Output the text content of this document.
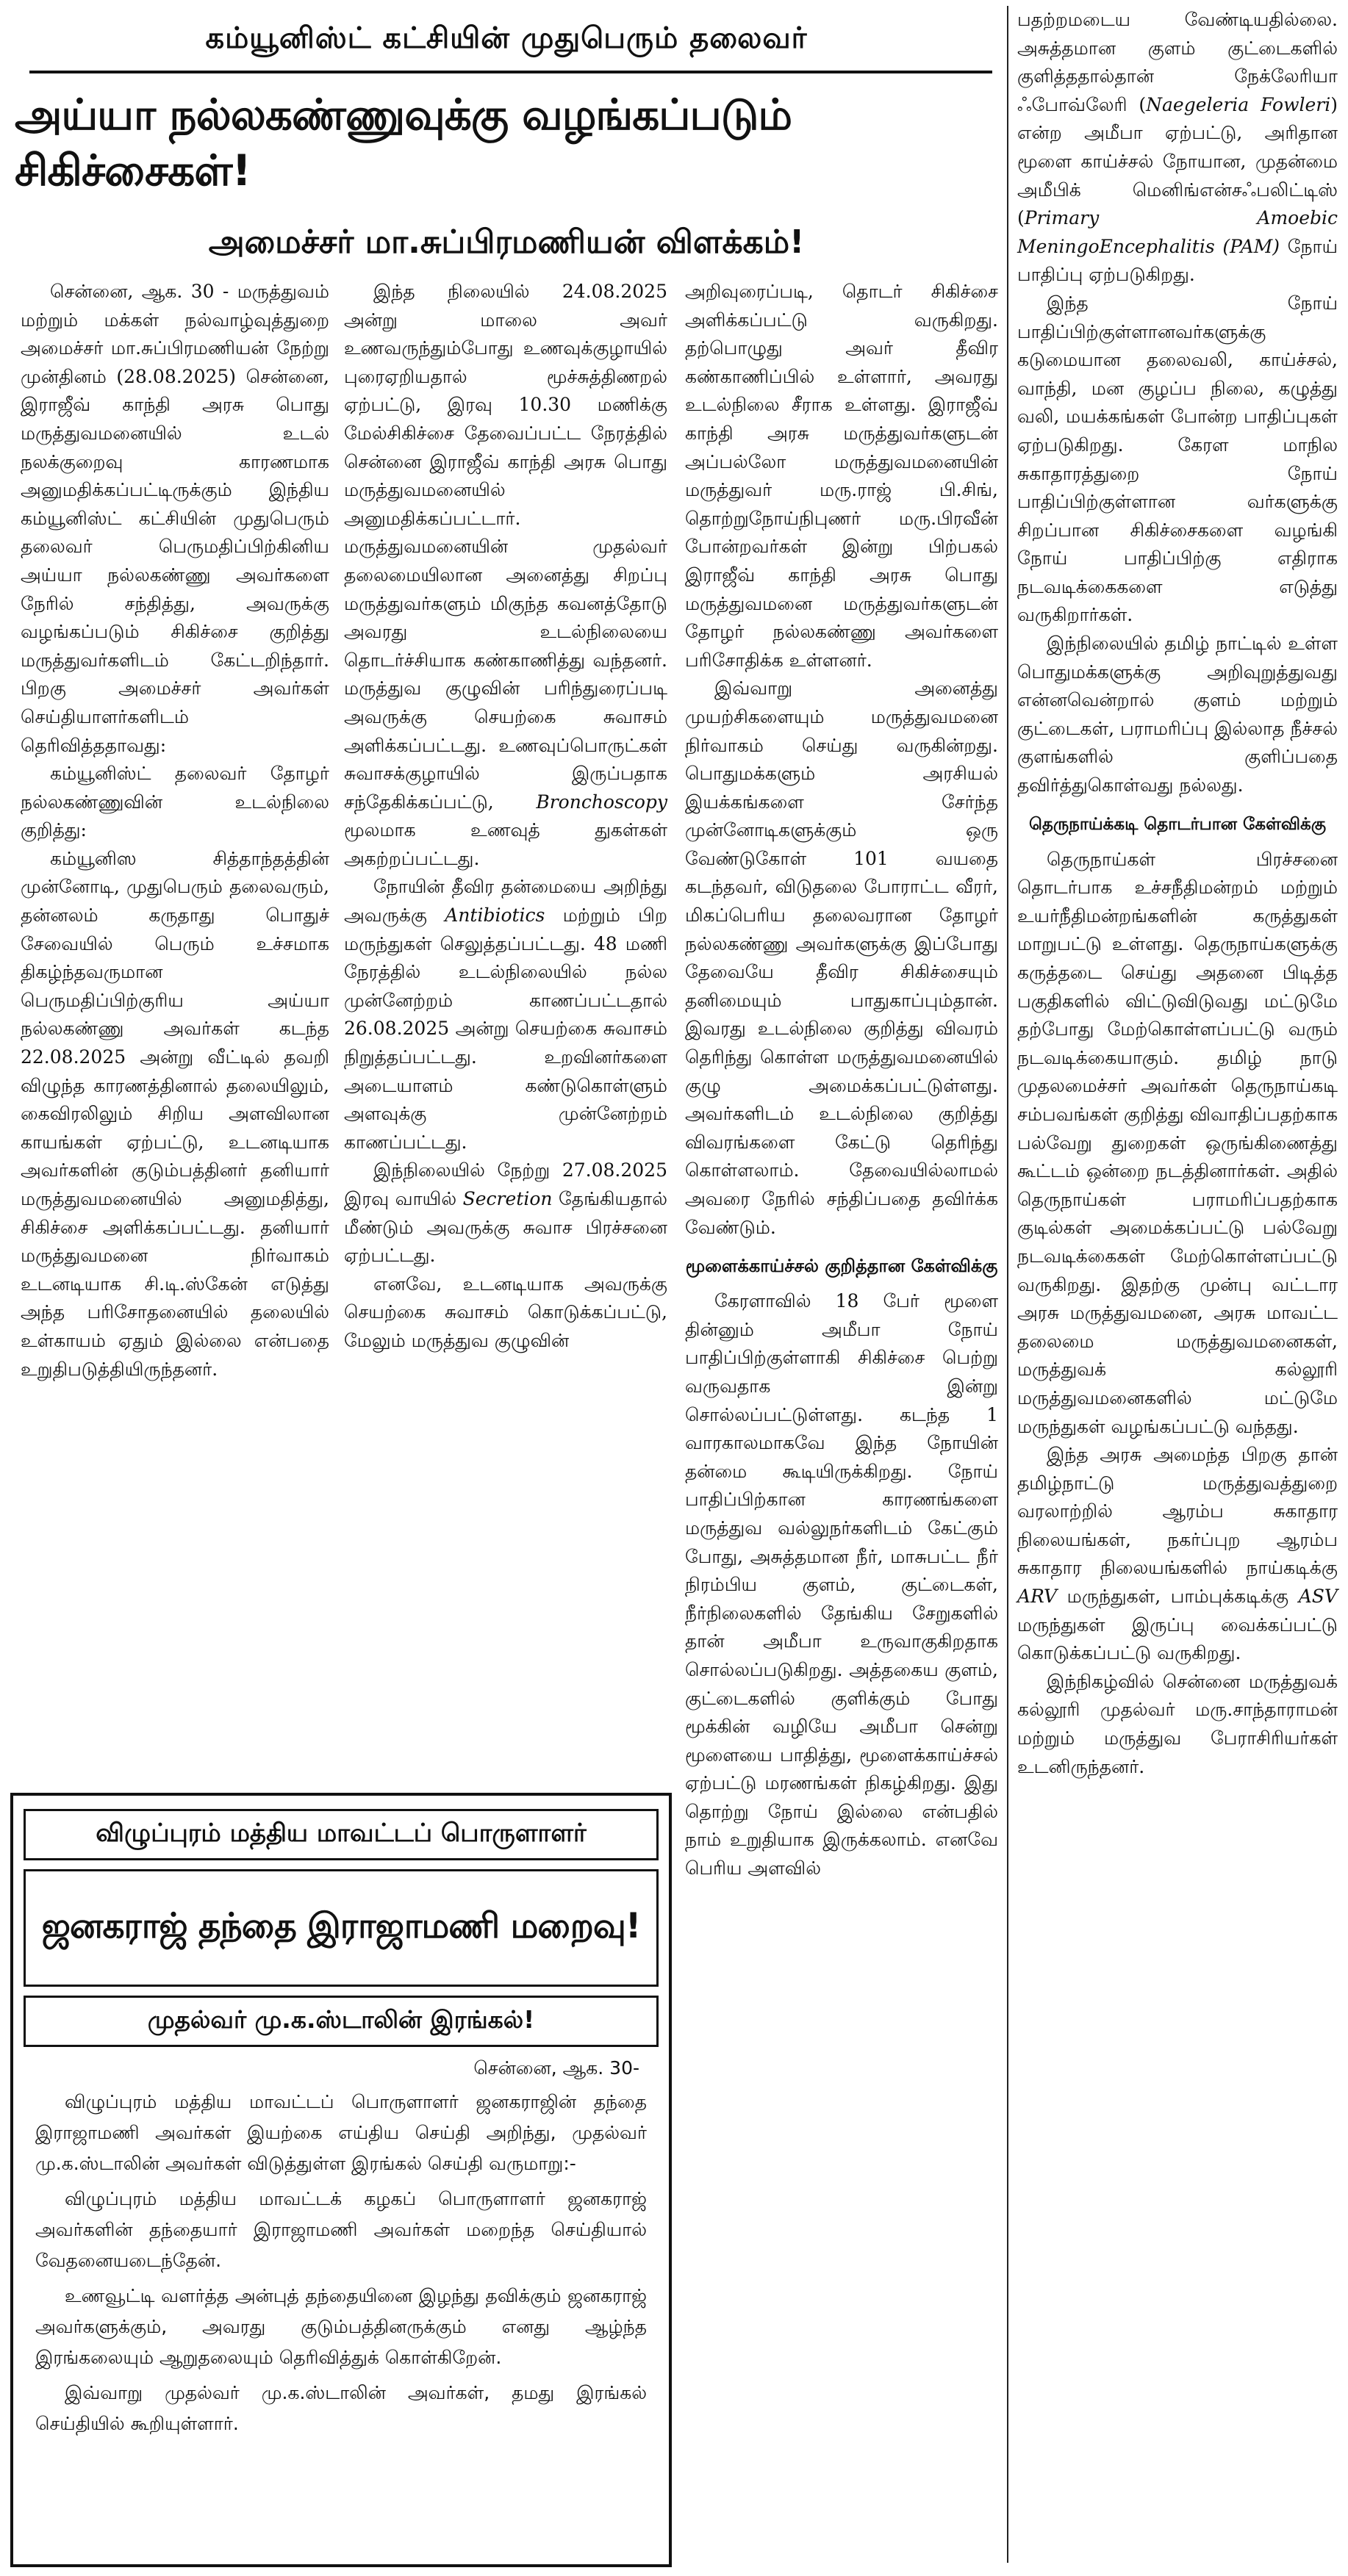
கம்யூனிஸ்ட் கட்சியின் முதுபெரும் தலைவர்
அய்யா நல்லகண்ணுவுக்கு வழங்கப்படும் சிகிச்சைகள்!
அமைச்சர் மா.சுப்பிரமணியன் விளக்கம்!

சென்னை, ஆக. 30 - மருத்துவம் மற்றும் மக்கள் நல்வாழ்வுத்துறை அமைச்சர் மா.சுப்பிரமணியன் நேற்று முன்தினம் (28.08.2025) சென்னை, இராஜீவ் காந்தி அரசு பொது மருத்துவமனையில் உடல் நலக்குறைவு காரணமாக அனுமதிக்கப்பட்டிருக்கும் இந்திய கம்யூனிஸ்ட் கட்சியின் முதுபெரும் தலைவர் பெருமதிப்பிற்கினிய அய்யா நல்லகண்ணு அவர்களை நேரில் சந்தித்து, அவருக்கு வழங்கப்படும் சிகிச்சை குறித்து மருத்துவர்களிடம் கேட்டறிந்தார். பிறகு அமைச்சர் அவர்கள் செய்தியாளர்களிடம் தெரிவித்ததாவது:

கம்யூனிஸ்ட் தலைவர் தோழர் நல்லகண்ணுவின் உடல்நிலை குறித்து:

கம்யூனிஸ சித்தாந்தத்தின் முன்னோடி, முதுபெரும் தலைவரும், தன்னலம் கருதாது பொதுச் சேவையில் பெரும் உச்சமாக திகழ்ந்தவருமான பெருமதிப்பிற்குரிய அய்யா நல்லகண்ணு அவர்கள் கடந்த 22.08.2025 அன்று வீட்டில் தவறி விழுந்த காரணத்தினால் தலையிலும், கைவிரலிலும் சிறிய அளவிலான காயங்கள் ஏற்பட்டு, உடனடியாக அவர்களின் குடும்பத்தினர் தனியார் மருத்துவமனையில் அனுமதித்து, சிகிச்சை அளிக்கப்பட்டது. தனியார் மருத்துவமனை நிர்வாகம் உடனடியாக சி.டி.ஸ்கேன் எடுத்து அந்த பரிசோதனையில் தலையில் உள்காயம் ஏதும் இல்லை என்பதை உறுதிபடுத்தியிருந்தனர்.

இந்த நிலையில் 24.08.2025 அன்று மாலை அவர் உணவருந்தும்போது உணவுக்குழாயில் புரைஏறியதால் மூச்சுத்திணறல் ஏற்பட்டு, இரவு 10.30 மணிக்கு மேல்சிகிச்சை தேவைப்பட்ட நேரத்தில் சென்னை இராஜீவ் காந்தி அரசு பொது மருத்துவமனையில் அனுமதிக்கப்பட்டார். மருத்துவமனையின் முதல்வர் தலைமையிலான அனைத்து சிறப்பு மருத்துவர்களும் மிகுந்த கவனத்தோடு அவரது உடல்நிலையை தொடர்ச்சியாக கண்காணித்து வந்தனர். மருத்துவ குழுவின் பரிந்துரைப்படி அவருக்கு செயற்கை சுவாசம் அளிக்கப்பட்டது. உணவுப்பொருட்கள் சுவாசக்குழாயில் இருப்பதாக சந்தேகிக்கப்பட்டு, Bronchoscopy மூலமாக உணவுத் துகள்கள் அகற்றப்பட்டது.

நோயின் தீவிர தன்மையை அறிந்து அவருக்கு Antibiotics மற்றும் பிற மருந்துகள் செலுத்தப்பட்டது. 48 மணி நேரத்தில் உடல்நிலையில் நல்ல முன்னேற்றம் காணப்பட்டதால் 26.08.2025 அன்று செயற்கை சுவாசம் நிறுத்தப்பட்டது. உறவினர்களை அடையாளம் கண்டுகொள்ளும் அளவுக்கு முன்னேற்றம் காணப்பட்டது.

இந்நிலையில் நேற்று 27.08.2025 இரவு வாயில் Secretion தேங்கியதால் மீண்டும் அவருக்கு சுவாச பிரச்சனை ஏற்பட்டது.

எனவே, உடனடியாக அவருக்கு செயற்கை சுவாசம் கொடுக்கப்பட்டு, மேலும் மருத்துவ குழுவின்

அறிவுரைப்படி, தொடர் சிகிச்சை அளிக்கப்பட்டு வருகிறது. தற்பொழுது அவர் தீவிர கண்காணிப்பில் உள்ளார், அவரது உடல்நிலை சீராக உள்ளது. இராஜீவ் காந்தி அரசு மருத்துவர்களுடன் அப்பல்லோ மருத்துவமனையின் மருத்துவர் மரு.ராஜ் பி.சிங், தொற்றுநோய்நிபுணர் மரு.பிரவீன் போன்றவர்கள் இன்று பிற்பகல் இராஜீவ் காந்தி அரசு பொது மருத்துவமனை மருத்துவர்களுடன் தோழர் நல்லகண்ணு அவர்களை பரிசோதிக்க உள்ளனர்.

இவ்வாறு அனைத்து முயற்சிகளையும் மருத்துவமனை நிர்வாகம் செய்து வருகின்றது. பொதுமக்களும் அரசியல் இயக்கங்களை சேர்ந்த முன்னோடிகளுக்கும் ஒரு வேண்டுகோள் 101 வயதை கடந்தவர், விடுதலை போராட்ட வீரர், மிகப்பெரிய தலைவரான தோழர் நல்லகண்ணு அவர்களுக்கு இப்போது தேவையே தீவிர சிகிச்சையும் தனிமையும் பாதுகாப்பும்தான். இவரது உடல்நிலை குறித்து விவரம் தெரிந்து கொள்ள மருத்துவமனையில் குழு அமைக்கப்பட்டுள்ளது. அவர்களிடம் உடல்நிலை குறித்து விவரங்களை கேட்டு தெரிந்து கொள்ளலாம். தேவையில்லாமல் அவரை நேரில் சந்திப்பதை தவிர்க்க வேண்டும்.

மூளைக்காய்ச்சல் குறித்தான கேள்விக்கு

கேரளாவில் 18 பேர் மூளை தின்னும் அமீபா நோய் பாதிப்பிற்குள்ளாகி சிகிச்சை பெற்று வருவதாக இன்று சொல்லப்பட்டுள்ளது. கடந்த 1 வாரகாலமாகவே இந்த நோயின் தன்மை கூடியிருக்கிறது. நோய் பாதிப்பிற்கான காரணங்களை மருத்துவ வல்லுநர்களிடம் கேட்கும் போது, அசுத்தமான நீர், மாசுபட்ட நீர் நிரம்பிய குளம், குட்டைகள், நீர்நிலைகளில் தேங்கிய சேறுகளில் தான் அமீபா உருவாகுகிறதாக சொல்லப்படுகிறது. அத்தகைய குளம், குட்டைகளில் குளிக்கும் போது மூக்கின் வழியே அமீபா சென்று மூளையை பாதித்து, மூளைக்காய்ச்சல் ஏற்பட்டு மரணங்கள் நிகழ்கிறது. இது தொற்று நோய் இல்லை என்பதில் நாம் உறுதியாக இருக்கலாம். எனவே பெரிய அளவில்

பதற்றமடைய வேண்டியதில்லை. அசுத்தமான குளம் குட்டைகளில் குளித்ததால்தான் நேக்லேரியா ஃபோவ்லேரி (Naegeleria Fowleri) என்ற அமீபா ஏற்பட்டு, அரிதான மூளை காய்ச்சல் நோயான, முதன்மை அமீபிக் மெனிங்என்சஃபலிட்டிஸ் (Primary Amoebic MeningoEncephalitis (PAM) நோய் பாதிப்பு ஏற்படுகிறது.

இந்த நோய் பாதிப்பிற்குள்ளானவர்களுக்கு கடுமையான தலைவலி, காய்ச்சல், வாந்தி, மன குழப்ப நிலை, கழுத்து வலி, மயக்கங்கள் போன்ற பாதிப்புகள் ஏற்படுகிறது. கேரள மாநில சுகாதாரத்துறை நோய் பாதிப்பிற்குள்ளான வர்களுக்கு சிறப்பான சிகிச்சைகளை வழங்கி நோய் பாதிப்பிற்கு எதிராக நடவடிக்கைகளை எடுத்து வருகிறார்கள்.

இந்நிலையில் தமிழ் நாட்டில் உள்ள பொதுமக்களுக்கு அறிவுறுத்துவது என்னவென்றால் குளம் மற்றும் குட்டைகள், பராமரிப்பு இல்லாத நீச்சல் குளங்களில் குளிப்பதை தவிர்த்துகொள்வது நல்லது.

தெருநாய்க்கடி தொடர்பான கேள்விக்கு

தெருநாய்கள் பிரச்சனை தொடர்பாக உச்சநீதிமன்றம் மற்றும் உயர்நீதிமன்றங்களின் கருத்துகள் மாறுபட்டு உள்ளது. தெருநாய்களுக்கு கருத்தடை செய்து அதனை பிடித்த பகுதிகளில் விட்டுவிடுவது மட்டுமே தற்போது மேற்கொள்ளப்பட்டு வரும் நடவடிக்கையாகும். தமிழ் நாடு முதலமைச்சர் அவர்கள் தெருநாய்கடி சம்பவங்கள் குறித்து விவாதிப்பதற்காக பல்வேறு துறைகள் ஒருங்கிணைத்து கூட்டம் ஒன்றை நடத்தினார்கள். அதில் தெருநாய்கள் பராமரிப்பதற்காக குடில்கள் அமைக்கப்பட்டு பல்வேறு நடவடிக்கைகள் மேற்கொள்ளப்பட்டு வருகிறது. இதற்கு முன்பு வட்டார அரசு மருத்துவமனை, அரசு மாவட்ட தலைமை மருத்துவமனைகள், மருத்துவக் கல்லூரி மருத்துவமனைகளில் மட்டுமே மருந்துகள் வழங்கப்பட்டு வந்தது.

இந்த அரசு அமைந்த பிறகு தான் தமிழ்நாட்டு மருத்துவத்துறை வரலாற்றில் ஆரம்ப சுகாதார நிலையங்கள், நகர்ப்புற ஆரம்ப சுகாதார நிலையங்களில் நாய்கடிக்கு ARV மருந்துகள், பாம்புக்கடிக்கு ASV மருந்துகள் இருப்பு வைக்கப்பட்டு கொடுக்கப்பட்டு வருகிறது.

இந்நிகழ்வில் சென்னை மருத்துவக் கல்லூரி முதல்வர் மரு.சாந்தாராமன் மற்றும் மருத்துவ பேராசிரியர்கள் உடனிருந்தனர்.

விழுப்புரம் மத்திய மாவட்டப் பொருளாளர்
ஜனகராஜ் தந்தை இராஜாமணி மறைவு!
முதல்வர் மு.க.ஸ்டாலின் இரங்கல்!
சென்னை, ஆக. 30-

விழுப்புரம் மத்திய மாவட்டப் பொருளாளர் ஜனகராஜின் தந்தை இராஜாமணி அவர்கள் இயற்கை எய்திய செய்தி அறிந்து, முதல்வர் மு.க.ஸ்டாலின் அவர்கள் விடுத்துள்ள இரங்கல் செய்தி வருமாறு:-

விழுப்புரம் மத்திய மாவட்டக் கழகப் பொருளாளர் ஜனகராஜ் அவர்களின் தந்தையார் இராஜாமணி அவர்கள் மறைந்த செய்தியால் வேதனையடைந்தேன்.

உணவூட்டி வளர்த்த அன்புத் தந்தையினை இழந்து தவிக்கும் ஜனகராஜ் அவர்களுக்கும், அவரது குடும்பத்தினருக்கும் எனது ஆழ்ந்த இரங்கலையும் ஆறுதலையும் தெரிவித்துக் கொள்கிறேன்.

இவ்வாறு முதல்வர் மு.க.ஸ்டாலின் அவர்கள், தமது இரங்கல் செய்தியில் கூறியுள்ளார்.
